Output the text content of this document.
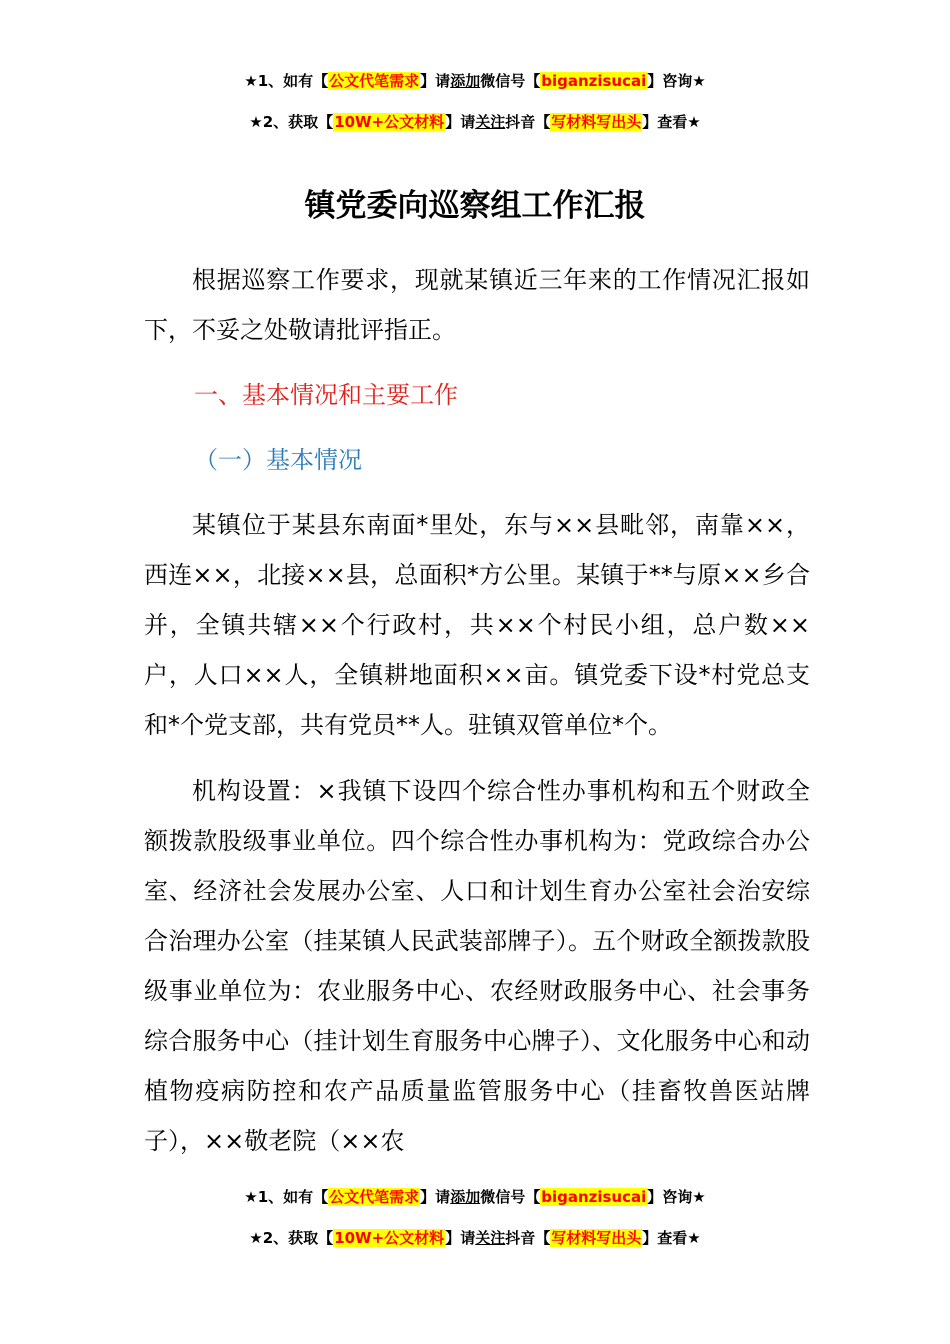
★1、如有【公文代笔需求】请添加微信号【biganzisucai】咨询★
★2、获取【10W+公文材料】请关注抖音【写材料写出头】查看★
镇党委向巡察组工作汇报

根据巡察工作要求，现就某镇近三年来的工作情况汇报如下，不妥之处敬请批评指正。

一、基本情况和主要工作
（一）基本情况

某镇位于某县东南面*里处，东与××县毗邻，南靠××，西连××，北接××县，总面积*方公里。某镇于**与原××乡合并，全镇共辖××个行政村，共××个村民小组，总户数××户，人口××人，全镇耕地面积××亩。镇党委下设*村党总支和*个党支部，共有党员**人。驻镇双管单位*个。

机构设置：×我镇下设四个综合性办事机构和五个财政全额拨款股级事业单位。四个综合性办事机构为：党政综合办公室、经济社会发展办公室、人口和计划生育办公室社会治安综合治理办公室（挂某镇人民武装部牌子）。五个财政全额拨款股级事业单位为：农业服务中心、农经财政服务中心、社会事务综合服务中心（挂计划生育服务中心牌子）、文化服务中心和动植物疫病防控和农产品质量监管服务中心（挂畜牧兽医站牌子），××敬老院（××农

★1、如有【公文代笔需求】请添加微信号【biganzisucai】咨询★
★2、获取【10W+公文材料】请关注抖音【写材料写出头】查看★
